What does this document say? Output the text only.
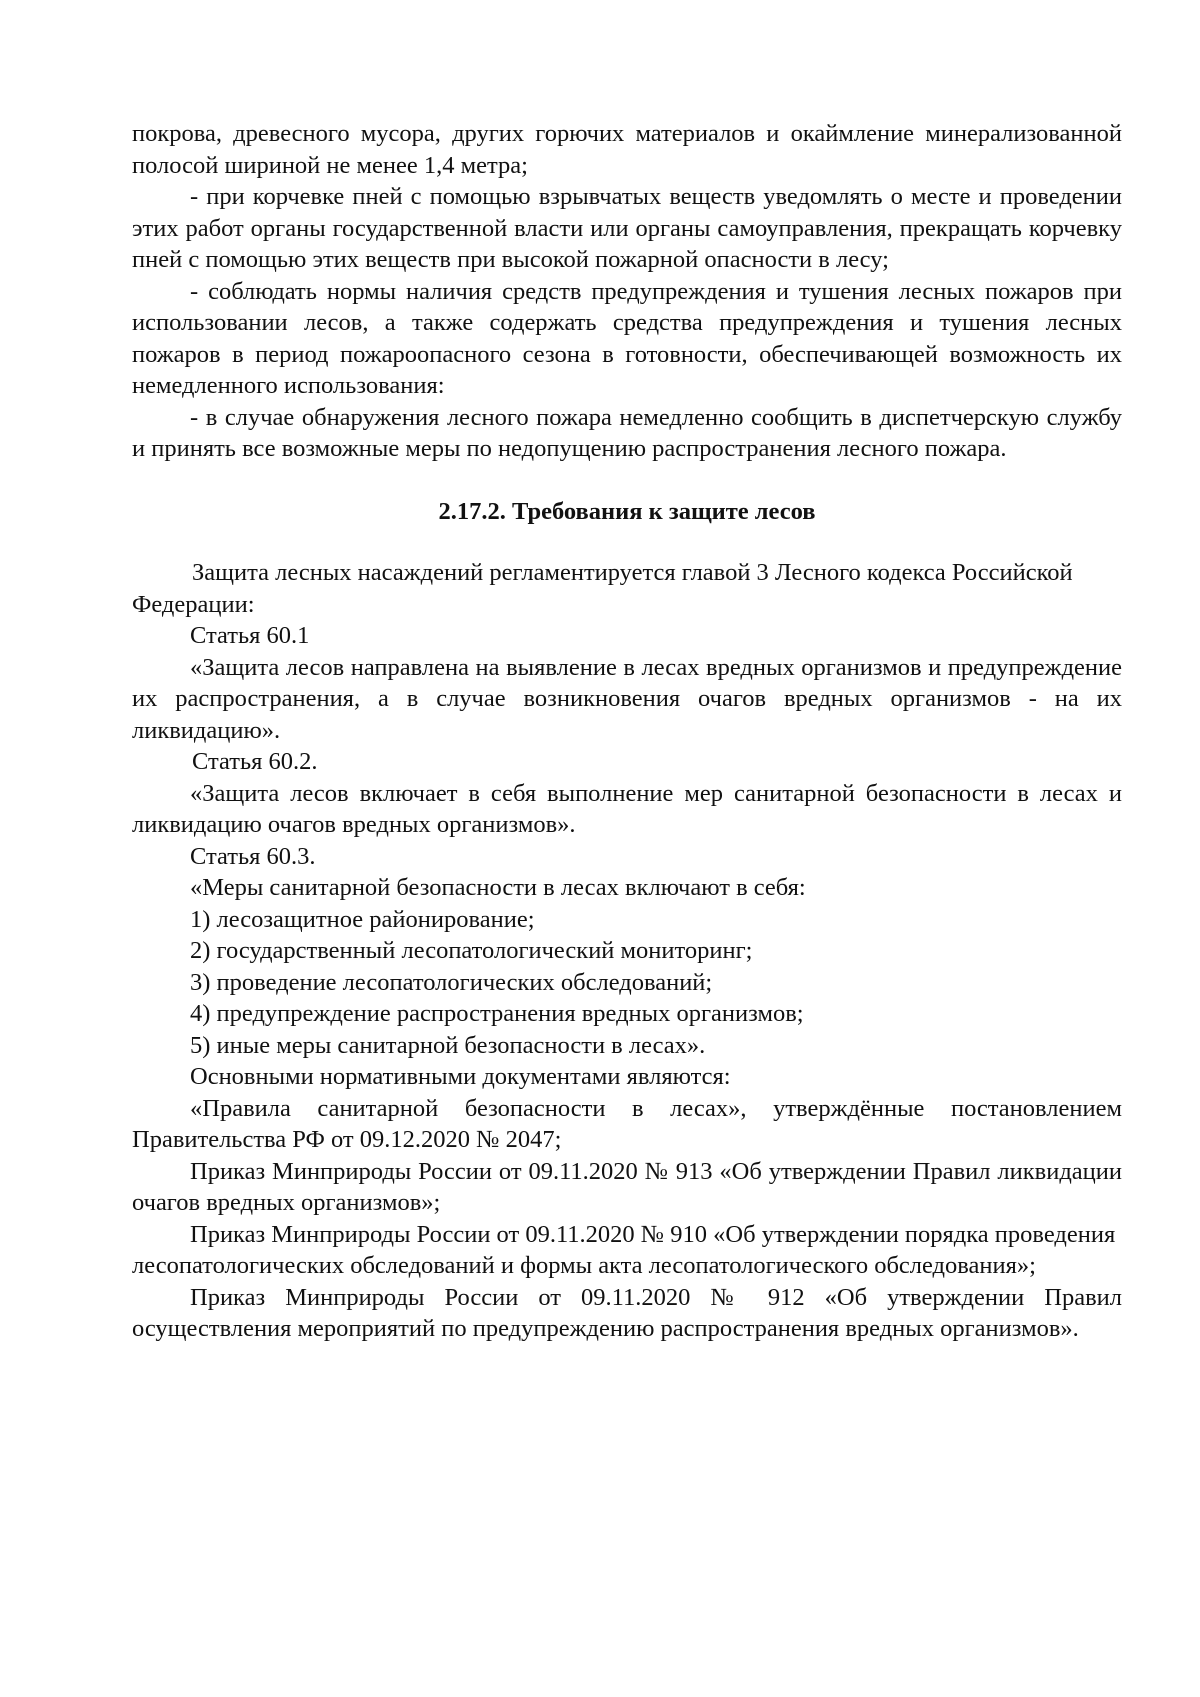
покрова, древесного мусора, других горючих материалов и окаймление минерализованной полосой шириной не менее 1,4 метра;

- при корчевке пней с помощью взрывчатых веществ уведомлять о месте и проведении этих работ органы государственной власти или органы самоуправления, прекращать корчевку пней с помощью этих веществ при высокой пожарной опасности в лесу;

- соблюдать нормы наличия средств предупреждения и тушения лесных пожаров при использовании лесов, а также содержать средства предупреждения и тушения лесных пожаров в период пожароопасного сезона в готовности, обеспечивающей возможность их немедленного использования:

- в случае обнаружения лесного пожара немедленно сообщить в диспетчерскую службу и принять все возможные меры по недопущению распространения лесного пожара.

2.17.2. Требования к защите лесов

Защита лесных насаждений регламентируется главой 3 Лесного кодекса Российской Федерации:

Статья 60.1

«Защита лесов направлена на выявление в лесах вредных организмов и предупреждение их распространения, а в случае возникновения очагов вредных организмов - на их ликвидацию».

Статья 60.2.

«Защита лесов включает в себя выполнение мер санитарной безопасности в лесах и ликвидацию очагов вредных организмов».

Статья 60.3.

«Меры санитарной безопасности в лесах включают в себя:

1) лесозащитное районирование;

2) государственный лесопатологический мониторинг;

3) проведение лесопатологических обследований;

4) предупреждение распространения вредных организмов;

5) иные меры санитарной безопасности в лесах».

Основными нормативными документами являются:

«Правила санитарной безопасности в лесах», утверждённые постановлением Правительства РФ от 09.12.2020 № 2047;

Приказ Минприроды России от 09.11.2020 № 913 «Об утверждении Правил ликвидации очагов вредных организмов»;

Приказ Минприроды России от 09.11.2020 № 910 «Об утверждении порядка проведения лесопатологических обследований и формы акта лесопатологического обследования»;

Приказ Минприроды России от 09.11.2020 № 912 «Об утверждении Правил осуществления мероприятий по предупреждению распространения вредных организмов».
